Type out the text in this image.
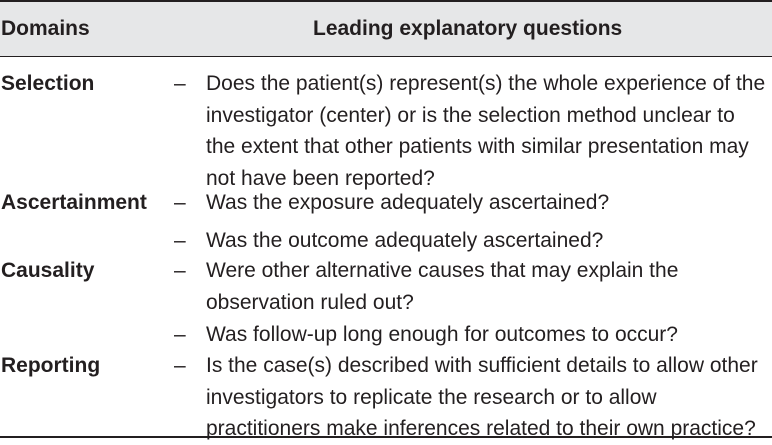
Domains	Leading explanatory questions
Selection	– Does the patient(s) represent(s) the whole experience of the
investigator (center) or is the selection method unclear to
the extent that other patients with similar presentation may
not have been reported?
Ascertainment – Was the exposure adequately ascertained?
– Was the outcome adequately ascertained?
Causality	– Were other alternative causes that may explain the
observation ruled out?
– Was follow-up long enough for outcomes to occur?
Reporting	– Is the case(s) described with sufficient details to allow other
investigators to replicate the research or to allow
practitioners make inferences related to their own practice?
